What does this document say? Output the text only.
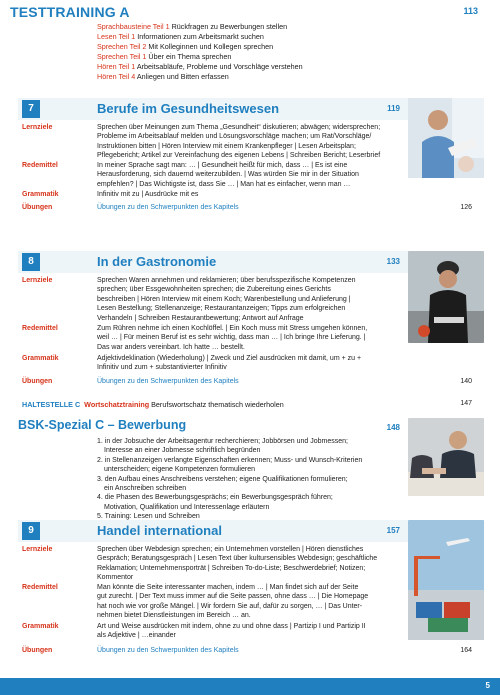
TESTTRAINING A	113
Sprachbausteine Teil 1 Rückfragen zu Bewerbungen stellen
Lesen Teil 1 Informationen zum Arbeitsmarkt suchen
Sprechen Teil 2 Mit Kolleginnen und Kollegen sprechen
Sprechen Teil 1 Über ein Thema sprechen
Hören Teil 1 Arbeitsabläufe, Probleme und Vorschläge verstehen
Hören Teil 4 Anliegen und Bitten erfassen
7	Berufe im Gesundheitswesen	119
Lernziele	Sprechen über Meinungen zum Thema „Gesundheit“ diskutieren; abwägen; widersprechen;
Probleme im Arbeitsablauf melden und Lösungsvorschläge machen; um Rat/Vorschläge/
Instruktionen bitten | Hören Interview mit einem Krankenpfleger | Lesen Arbeitsplan;
Pflegebericht; Artikel zur Vereinfachung des eigenen Lebens | Schreiben Bericht; Leserbrief
Redemittel	In meiner Sprache sagt man: … | Gesundheit heißt für mich, dass … | Es ist eine
Herausforderung, sich dauernd weiterzubilden. | Was würden Sie mir in der Situation
empfehlen? | Das Wichtigste ist, dass Sie … | Man hat es einfacher, wenn man …
Grammatik	Infinitiv mit zu | Ausdrücke mit es
Übungen	Übungen zu den Schwerpunkten des Kapitels	126
8	In der Gastronomie	133
Lernziele	Sprechen Waren annehmen und reklamieren; über berufsspezifische Kompetenzen
sprechen; über Essgewohnheiten sprechen; die Zubereitung eines Gerichts
beschreiben | Hören Interview mit einem Koch; Warenbestellung und Anlieferung |
Lesen Bestellung; Stellenanzeige; Restaurantanzeigen; Tipps zum erfolgreichen
Verhandeln | Schreiben Restaurantbewertung; Antwort auf Anfrage
Redemittel	Zum Rühren nehme ich einen Kochlöffel. | Ein Koch muss mit Stress umgehen können,
weil … | Für meinen Beruf ist es sehr wichtig, dass man … | Ich bringe Ihre Lieferung. |
Das war anders vereinbart. Ich hatte … bestellt.
Grammatik	Adjektivdeklination (Wiederholung) | Zweck und Ziel ausdrücken mit damit, um + zu +
Infinitiv und zum + substantivierter Infinitiv
Übungen	Übungen zu den Schwerpunkten des Kapitels	140
HALTESTELLE C Wortschatztraining Berufswortschatz thematisch wiederholen	147
BSK-Spezial C – Bewerbung	148
1. in der Jobsuche der Arbeitsagentur recherchieren; Jobbörsen und Jobmessen;
Interesse an einer Jobmesse schriftlich begründen
2. in Stellenanzeigen verlangte Eigenschaften erkennen; Muss- und Wunsch-Kriterien
unterscheiden; eigene Kompetenzen formulieren
3. den Aufbau eines Anschreibens verstehen; eigene Qualifikationen formulieren;
ein Anschreiben schreiben
4. die Phasen des Bewerbungsgesprächs; ein Bewerbungsgespräch führen;
Motivation, Qualifikation und Interessenlage erläutern
5. Training: Lesen und Schreiben
9	Handel international	157
Lernziele	Sprechen über Webdesign sprechen; ein Unternehmen vorstellen | Hören dienstliches
Gespräch; Beratungsgespräch | Lesen Text über kultursensibles Webdesign; geschäftliche
Reklamation; Unternehmensporträt | Schreiben To-do-Liste; Beschwerdebrief; Notizen;
Kommentor
Redemittel	Man könnte die Seite interessanter machen, indem … | Man findet sich auf der Seite
gut zurecht. | Der Text muss immer auf die Seite passen, ohne dass … | Die Homepage
hat noch wie vor große Mängel. | Wir fordern Sie auf, dafür zu sorgen, … | Das Unter-
nehmen bietet Dienstleistungen im Bereich … an.
Grammatik	Art und Weise ausdrücken mit indem, ohne zu und ohne dass | Partizip I und Partizip II
als Adjektive | …einander
Übungen	Übungen zu den Schwerpunkten des Kapitels	164
5
